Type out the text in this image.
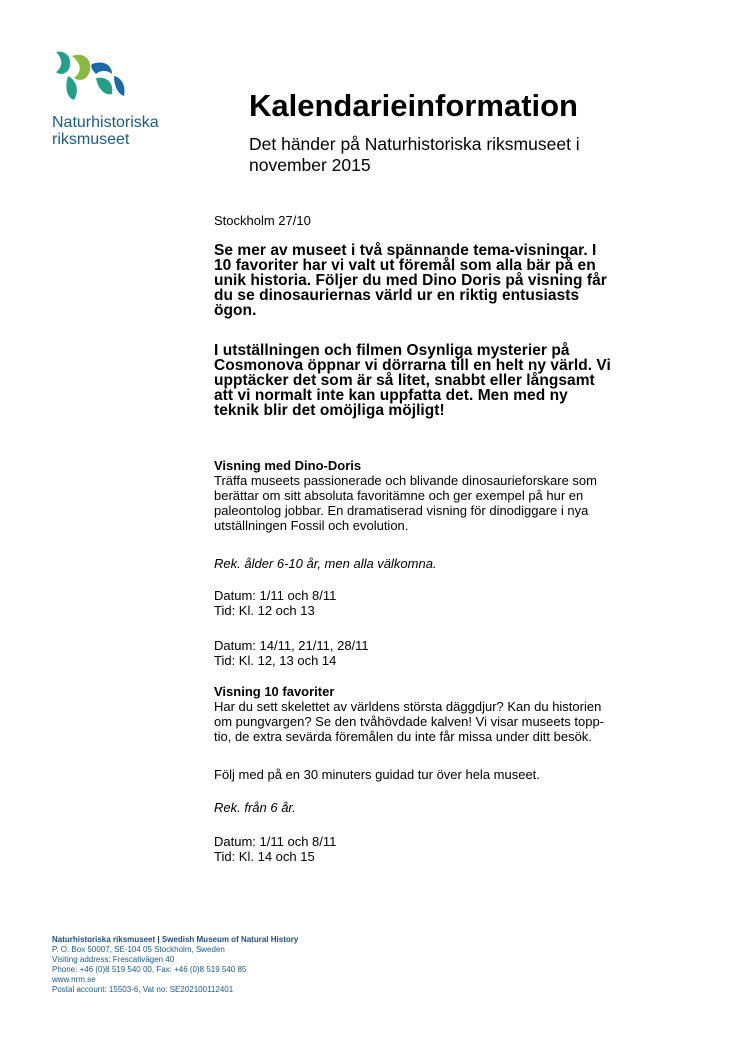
Naturhistoriska
riksmuseet
Kalendarieinformation
Det händer på Naturhistoriska riksmuseet i
november 2015
Stockholm 27/10
Se mer av museet i två spännande tema-visningar. I
10 favoriter har vi valt ut föremål som alla bär på en
unik historia. Följer du med Dino Doris på visning får
du se dinosauriernas värld ur en riktig entusiasts
ögon.
I utställningen och filmen Osynliga mysterier på
Cosmonova öppnar vi dörrarna till en helt ny värld. Vi
upptäcker det som är så litet, snabbt eller långsamt
att vi normalt inte kan uppfatta det. Men med ny
teknik blir det omöjliga möjligt!
Visning med Dino-Doris
Träffa museets passionerade och blivande dinosaurieforskare som
berättar om sitt absoluta favoritämne och ger exempel på hur en
paleontolog jobbar. En dramatiserad visning för dinodiggare i nya
utställningen Fossil och evolution.
Rek. ålder 6-10 år, men alla välkomna.
Datum: 1/11 och 8/11
Tid: Kl. 12 och 13
Datum: 14/11, 21/11, 28/11
Tid: Kl. 12, 13 och 14
Visning 10 favoriter
Har du sett skelettet av världens största däggdjur? Kan du historien
om pungvargen? Se den tvåhövdade kalven! Vi visar museets topp-
tio, de extra sevärda föremålen du inte får missa under ditt besök.
Följ med på en 30 minuters guidad tur över hela museet.
Rek. från 6 år.
Datum: 1/11 och 8/11
Tid: Kl. 14 och 15
Naturhistoriska riksmuseet | Swedish Museum of Natural History
P. O. Box 50007, SE-104 05 Stockholm, Sweden
Visiting address: Frescativägen 40
Phone: +46 (0)8 519 540 00, Fax: +46 (0)8 519 540 85
www.nrm.se
Postal account: 15503-6, Vat no: SE202100112401
